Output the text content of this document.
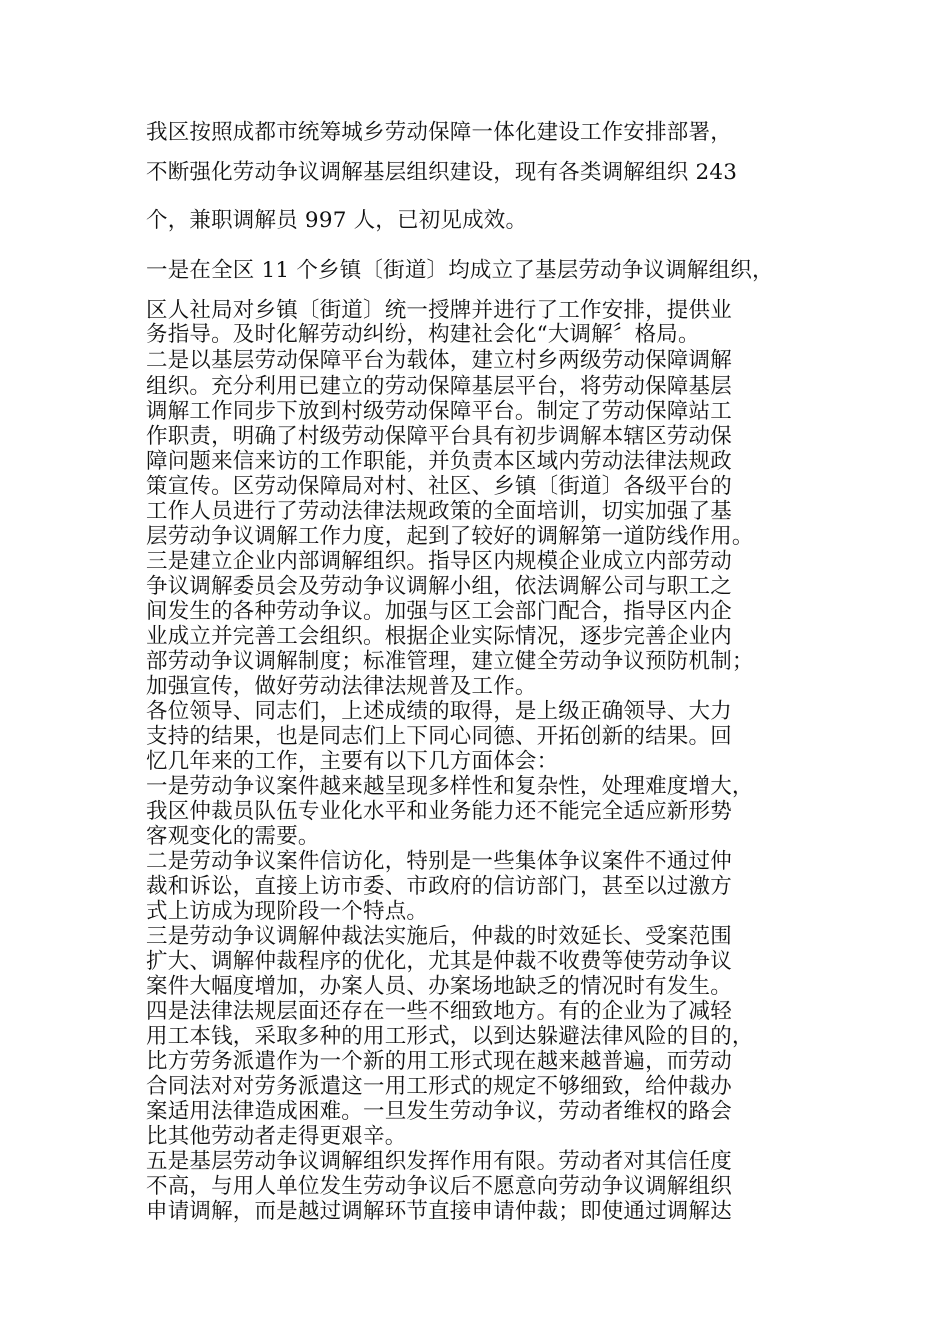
我区按照成都市统筹城乡劳动保障一体化建设工作安排部署，
不断强化劳动争议调解基层组织建设，现有各类调解组织 243
个，兼职调解员 997 人，已初见成效。
一是在全区 11 个乡镇〔街道〕均成立了基层劳动争议调解组织，
区人社局对乡镇〔街道〕统一授牌并进行了工作安排，提供业
务指导。及时化解劳动纠纷，构建社会化“大调解〞格局。
二是以基层劳动保障平台为载体，建立村乡两级劳动保障调解
组织。充分利用已建立的劳动保障基层平台，将劳动保障基层
调解工作同步下放到村级劳动保障平台。制定了劳动保障站工
作职责，明确了村级劳动保障平台具有初步调解本辖区劳动保
障问题来信来访的工作职能，并负责本区域内劳动法律法规政
策宣传。区劳动保障局对村、社区、乡镇〔街道〕各级平台的
工作人员进行了劳动法律法规政策的全面培训，切实加强了基
层劳动争议调解工作力度，起到了较好的调解第一道防线作用。
三是建立企业内部调解组织。指导区内规模企业成立内部劳动
争议调解委员会及劳动争议调解小组，依法调解公司与职工之
间发生的各种劳动争议。加强与区工会部门配合，指导区内企
业成立并完善工会组织。根据企业实际情况，逐步完善企业内
部劳动争议调解制度；标准管理，建立健全劳动争议预防机制；
加强宣传，做好劳动法律法规普及工作。
各位领导、同志们，上述成绩的取得，是上级正确领导、大力
支持的结果，也是同志们上下同心同德、开拓创新的结果。回
忆几年来的工作，主要有以下几方面体会：
一是劳动争议案件越来越呈现多样性和复杂性，处理难度增大，
我区仲裁员队伍专业化水平和业务能力还不能完全适应新形势
客观变化的需要。
二是劳动争议案件信访化，特别是一些集体争议案件不通过仲
裁和诉讼，直接上访市委、市政府的信访部门，甚至以过激方
式上访成为现阶段一个特点。
三是劳动争议调解仲裁法实施后，仲裁的时效延长、受案范围
扩大、调解仲裁程序的优化，尤其是仲裁不收费等使劳动争议
案件大幅度增加，办案人员、办案场地缺乏的情况时有发生。
四是法律法规层面还存在一些不细致地方。有的企业为了减轻
用工本钱，采取多种的用工形式，以到达躲避法律风险的目的，
比方劳务派遣作为一个新的用工形式现在越来越普遍，而劳动
合同法对对劳务派遣这一用工形式的规定不够细致，给仲裁办
案适用法律造成困难。一旦发生劳动争议，劳动者维权的路会
比其他劳动者走得更艰辛。
五是基层劳动争议调解组织发挥作用有限。劳动者对其信任度
不高，与用人单位发生劳动争议后不愿意向劳动争议调解组织
申请调解，而是越过调解环节直接申请仲裁；即使通过调解达
